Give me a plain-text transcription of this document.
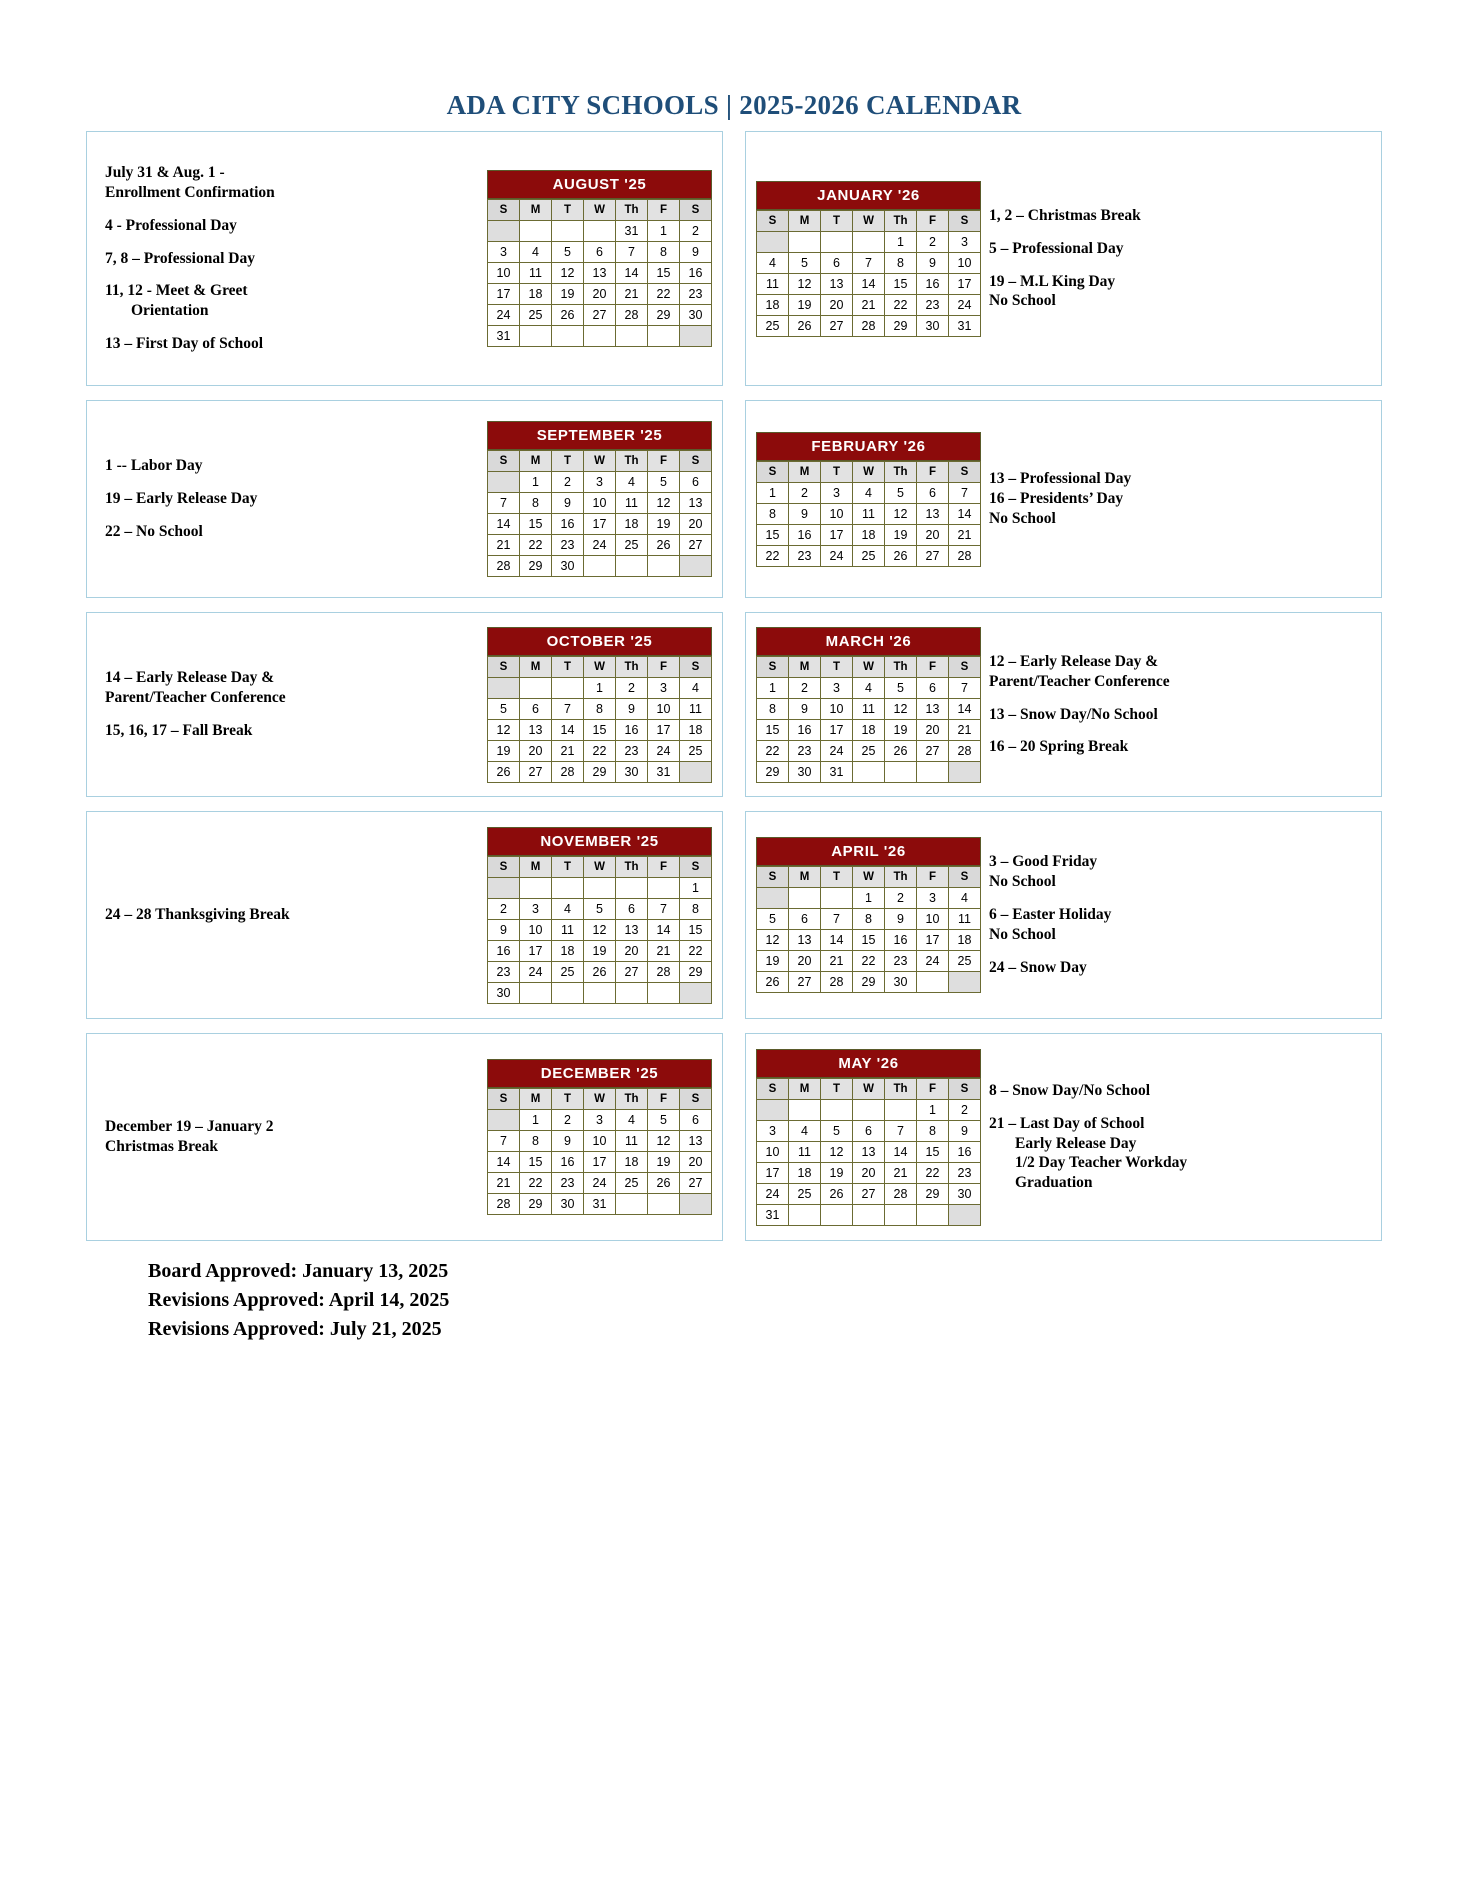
ADA CITY SCHOOLS | 2025-2026 CALENDAR
July 31 & Aug. 1 -
Enrollment Confirmation
4 - Professional Day
7, 8 – Professional Day
11, 12 - Meet & Greet
Orientation
13 – First Day of School
AUGUST '25
S	M	T	W	Th	F	S
				31	1	2
3	4	5	6	7	8	9
10	11	12	13	14	15	16
17	18	19	20	21	22	23
24	25	26	27	28	29	30
31						
JANUARY '26
S	M	T	W	Th	F	S
				1	2	3
4	5	6	7	8	9	10
11	12	13	14	15	16	17
18	19	20	21	22	23	24
25	26	27	28	29	30	31
1, 2 – Christmas Break
5 – Professional Day
19 – M.L King Day
No School
1 -- Labor Day
19 – Early Release Day
22 – No School
SEPTEMBER '25
S	M	T	W	Th	F	S
	1	2	3	4	5	6
7	8	9	10	11	12	13
14	15	16	17	18	19	20
21	22	23	24	25	26	27
28	29	30				
FEBRUARY '26
S	M	T	W	Th	F	S
1	2	3	4	5	6	7
8	9	10	11	12	13	14
15	16	17	18	19	20	21
22	23	24	25	26	27	28
13 – Professional Day
16 – Presidents’ Day
No School
14 – Early Release Day &
Parent/Teacher Conference
15, 16, 17 – Fall Break
OCTOBER '25
S	M	T	W	Th	F	S
			1	2	3	4
5	6	7	8	9	10	11
12	13	14	15	16	17	18
19	20	21	22	23	24	25
26	27	28	29	30	31	
MARCH '26
S	M	T	W	Th	F	S
1	2	3	4	5	6	7
8	9	10	11	12	13	14
15	16	17	18	19	20	21
22	23	24	25	26	27	28
29	30	31				
12 – Early Release Day &
Parent/Teacher Conference
13 – Snow Day/No School
16 – 20 Spring Break
24 – 28 Thanksgiving Break
NOVEMBER '25
S	M	T	W	Th	F	S
						1
2	3	4	5	6	7	8
9	10	11	12	13	14	15
16	17	18	19	20	21	22
23	24	25	26	27	28	29
30						
APRIL '26
S	M	T	W	Th	F	S
			1	2	3	4
5	6	7	8	9	10	11
12	13	14	15	16	17	18
19	20	21	22	23	24	25
26	27	28	29	30		
3 – Good Friday
No School
6 – Easter Holiday
No School
24 – Snow Day
December 19 – January 2
Christmas Break
DECEMBER '25
S	M	T	W	Th	F	S
	1	2	3	4	5	6
7	8	9	10	11	12	13
14	15	16	17	18	19	20
21	22	23	24	25	26	27
28	29	30	31			
MAY '26
S	M	T	W	Th	F	S
					1	2
3	4	5	6	7	8	9
10	11	12	13	14	15	16
17	18	19	20	21	22	23
24	25	26	27	28	29	30
31						
8 – Snow Day/No School
21 – Last Day of School
Early Release Day
1/2 Day Teacher Workday
Graduation
Board Approved: January 13, 2025
Revisions Approved: April 14, 2025
Revisions Approved: July 21, 2025
